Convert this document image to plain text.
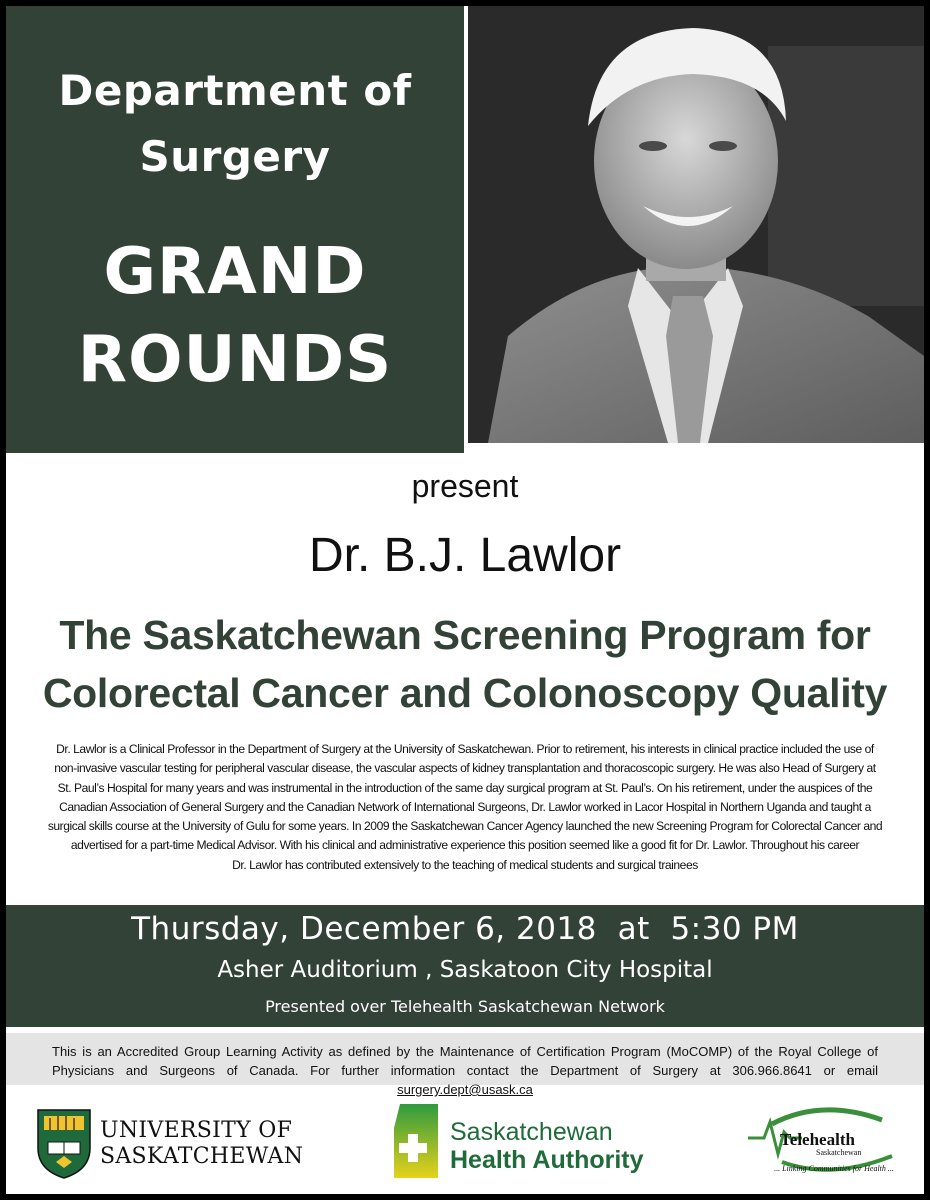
Department of
Surgery
GRAND
ROUNDS
present
Dr. B.J. Lawlor
The Saskatchewan Screening Program for
Colorectal Cancer and Colonoscopy Quality
Dr. Lawlor is a Clinical Professor in the Department of Surgery at the University of Saskatchewan. Prior to retirement, his interests in clinical practice included the use of
non-invasive vascular testing for peripheral vascular disease, the vascular aspects of kidney transplantation and thoracoscopic surgery. He was also Head of Surgery at
St. Paul’s Hospital for many years and was instrumental in the introduction of the same day surgical program at St. Paul’s. On his retirement, under the auspices of the
Canadian Association of General Surgery and the Canadian Network of International Surgeons, Dr. Lawlor worked in Lacor Hospital in Northern Uganda and taught a
surgical skills course at the University of Gulu for some years. In 2009 the Saskatchewan Cancer Agency launched the new Screening Program for Colorectal Cancer and
advertised for a part-time Medical Advisor. With his clinical and administrative experience this position seemed like a good fit for Dr. Lawlor. Throughout his career
Dr. Lawlor has contributed extensively to the teaching of medical students and surgical trainees
Thursday, December 6, 2018  at  5:30 PM
Asher Auditorium , Saskatoon City Hospital
Presented over Telehealth Saskatchewan Network
This is an Accredited Group Learning Activity as defined by the Maintenance of Certification Program (MoCOMP) of the Royal College of Physicians and Surgeons of Canada. For further information contact the Department of Surgery at 306.966.8641 or email surgery.dept@usask.ca
UNIVERSITY OF
SASKATCHEWAN
Saskatchewan
Health Authority
Telehealth
Saskatchewan
... Linking Communities for Health ...
